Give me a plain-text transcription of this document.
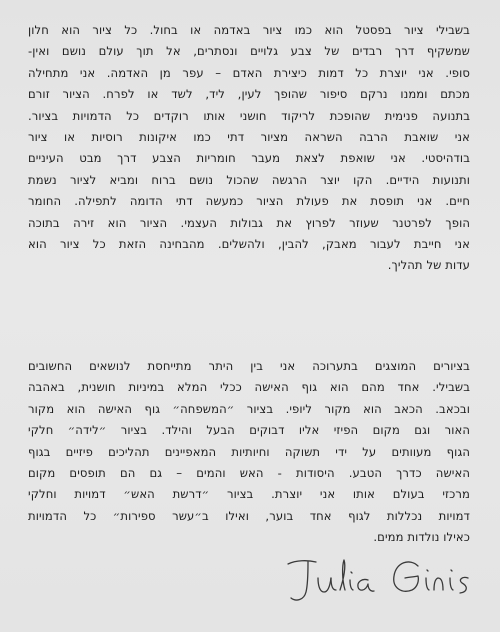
בשבילי ציור בפסטל הוא כמו ציור באדמה או בחול. כל ציור הוא חלון
שמשקיף דרך רבדים של צבע גלויים ונסתרים, אל תוך עולם נושם ואין-
סופי. אני יוצרת כל דמות כיצירת האדם – עפר מן האדמה. אני מתחילה
מכתם וממנו נרקם סיפור שהופך לעין, ליד, לשד או לפרח. הציור זורם
בתנועה פנימית שהופכת לריקוד חושני אותו רוקדים כל הדמויות בציור.
אני שואבת הרבה השראה מציור דתי כמו איקונות רוסיות או ציור
בודהיסטי. אני שואפת לצאת מעבר חומריות הצבע דרך מבט העיניים
ותנועות הידיים. הקו יוצר הרגשה שהכול נושם ברוח ומביא לציור נשמת
חיים. אני תופסת את פעולת הציור כמעשה דתי הדומה לתפילה. החומר
הופך לפרטנר שעוזר לפרוץ את גבולות העצמי. הציור הוא זירה בתוכה
אני חייבת לעבור מאבק, להבין, ולהשלים. מהבחינה הזאת כל ציור הוא
עדות של תהליך.
בציורים המוצגים בתערוכה אני בין היתר מתייחסת לנושאים החשובים
בשבילי. אחד מהם הוא גוף האישה ככלי המלא במיניות חושנית, באהבה
ובכאב. הכאב הוא מקור ליופי. בציור ״המשפחה״ גוף האישה הוא מקור
האור וגם מקום הפיזי אליו דבוקים הבעל והילד. בציור ״לידה״ חלקי
הגוף מעוותים על ידי תשוקה וחיותיות המאפיינים תהליכים פיזיים בגוף
האישה כדרך הטבע. היסודות - האש והמים – גם הם תופסים מקום
מרכזי בעולם אותו אני יוצרת. בציור ״דרשת האש״ דמויות וחלקי
דמויות נכללות לגוף אחד בוער, ואילו ב״עשר ספירות״ כל הדמויות
כאילו נולדות ממים.
